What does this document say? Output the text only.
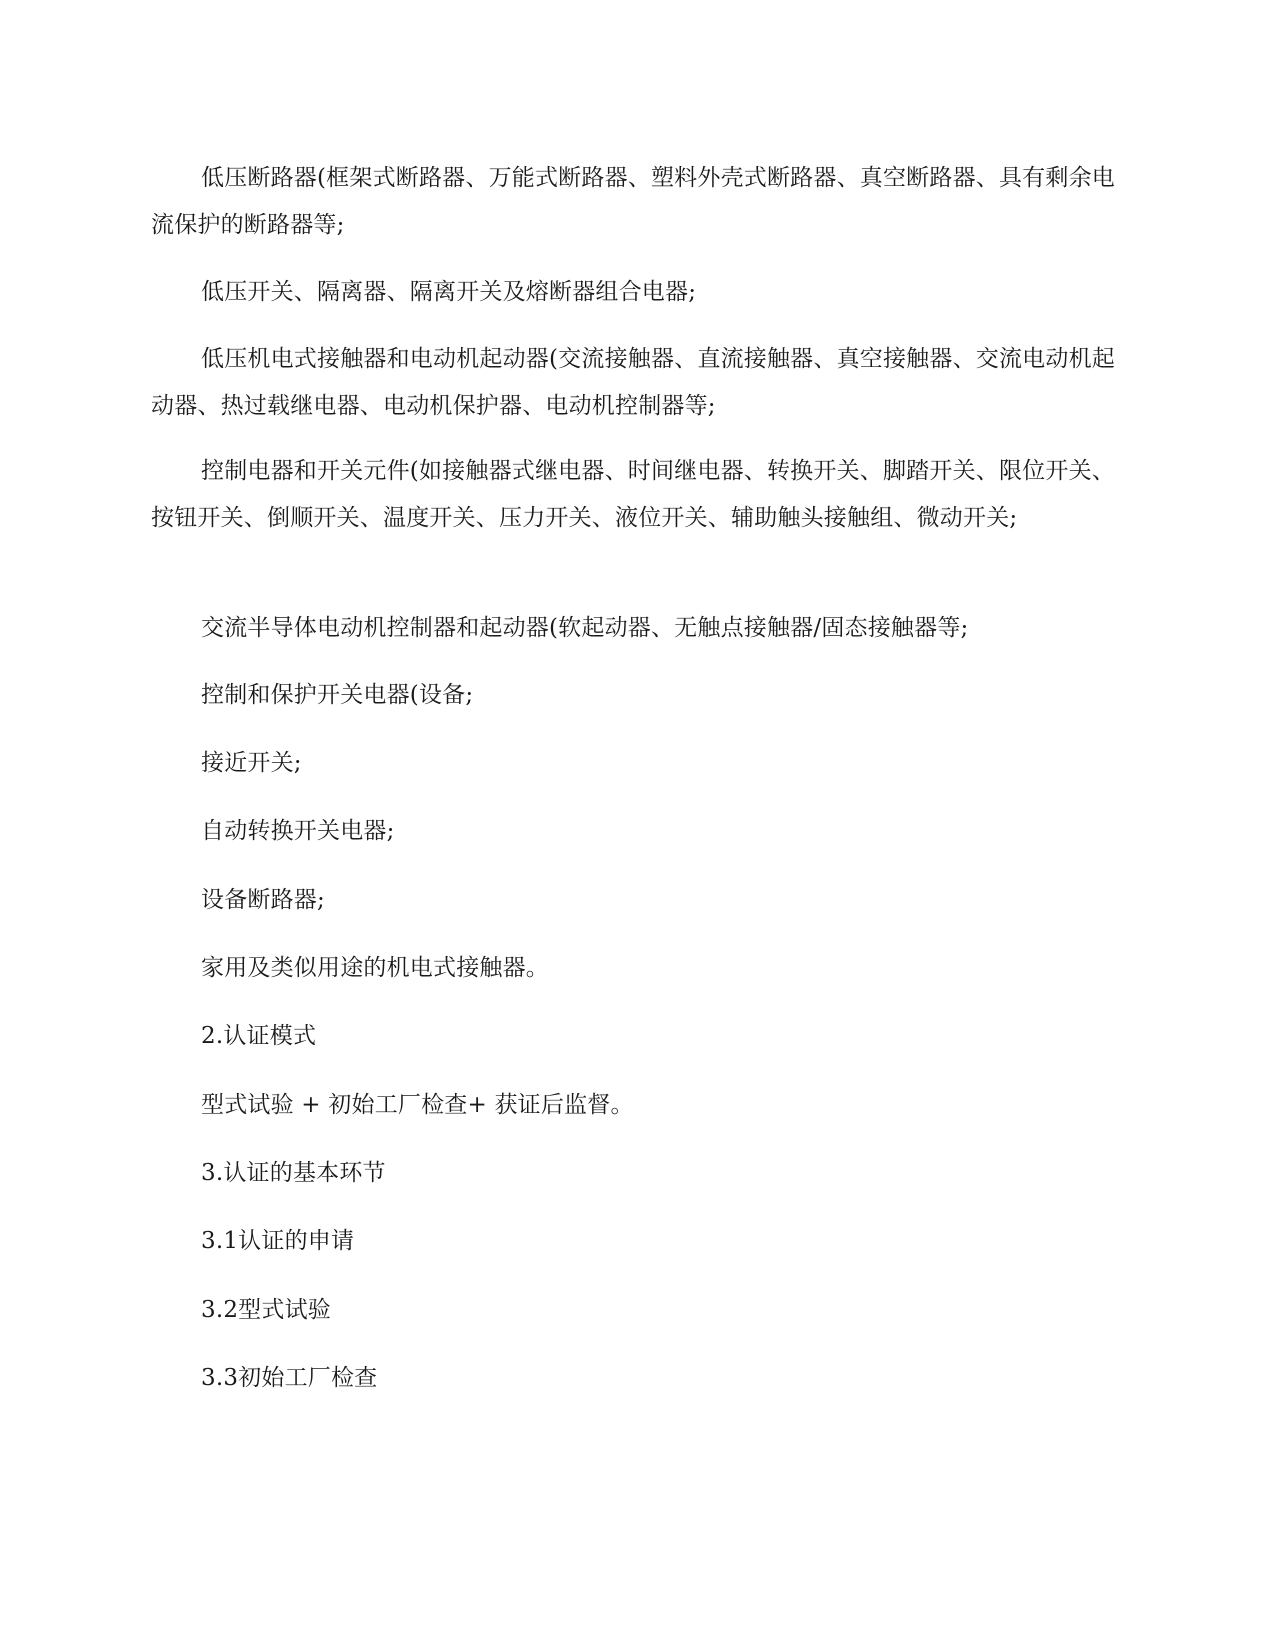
低压断路器(框架式断路器、万能式断路器、塑料外壳式断路器、真空断路器、具有剩余电流保护的断路器等;

低压开关、隔离器、隔离开关及熔断器组合电器;

低压机电式接触器和电动机起动器(交流接触器、直流接触器、真空接触器、交流电动机起动器、热过载继电器、电动机保护器、电动机控制器等;

控制电器和开关元件(如接触器式继电器、时间继电器、转换开关、脚踏开关、限位开关、按钮开关、倒顺开关、温度开关、压力开关、液位开关、辅助触头接触组、微动开关;

交流半导体电动机控制器和起动器(软起动器、无触点接触器/固态接触器等;

控制和保护开关电器(设备;

接近开关;

自动转换开关电器;

设备断路器;

家用及类似用途的机电式接触器。

2.认证模式

型式试验 + 初始工厂检查+ 获证后监督。

3.认证的基本环节

3.1认证的申请

3.2型式试验

3.3初始工厂检查
